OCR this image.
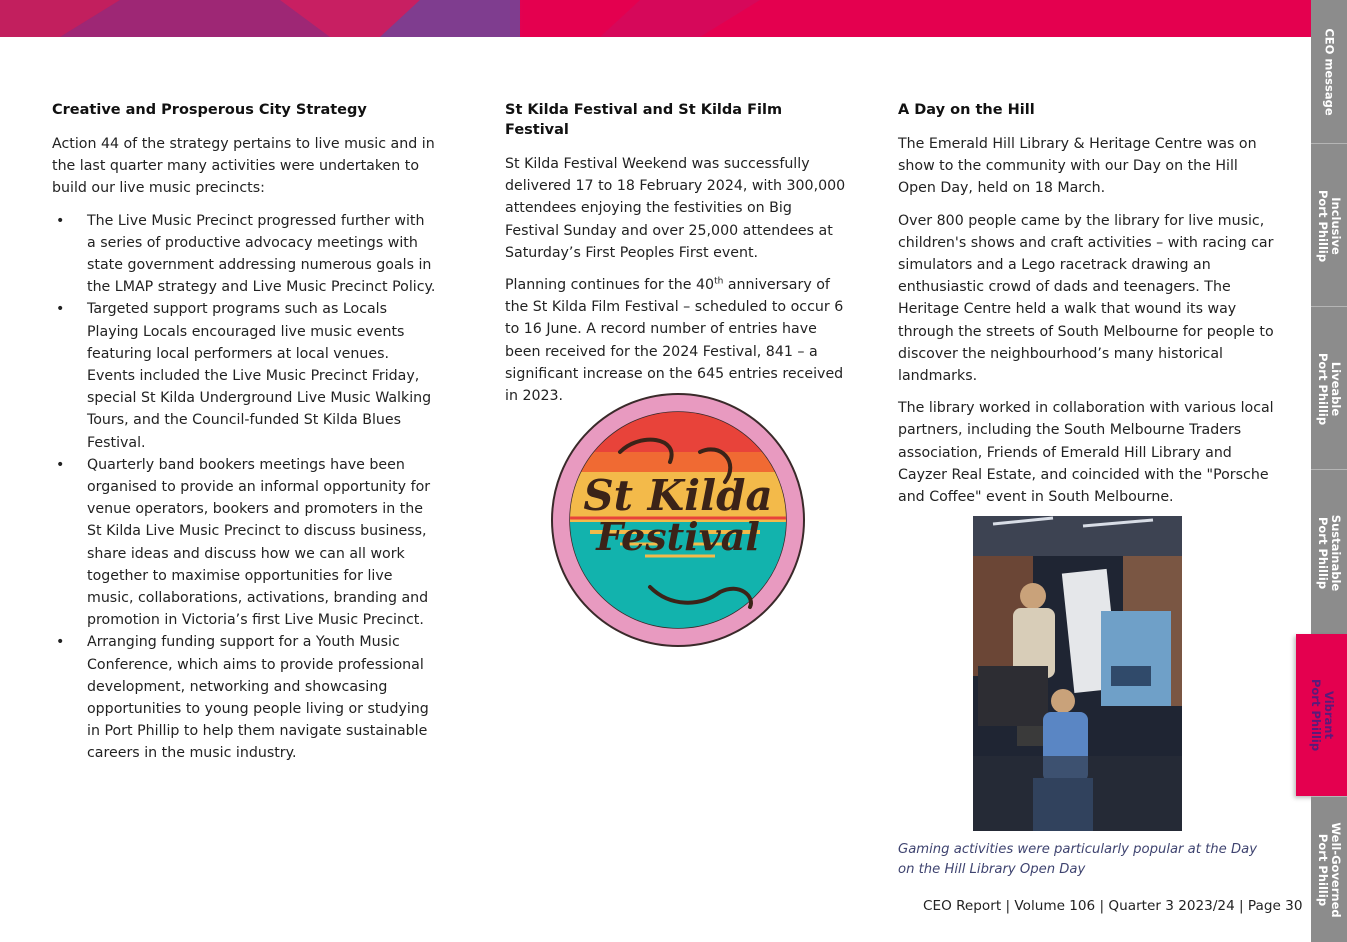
Creative and Prosperous City Strategy

Action 44 of the strategy pertains to live music and in the last quarter many activities were undertaken to build our live music precincts:

• The Live Music Precinct progressed further with a series of productive advocacy meetings with state government addressing numerous goals in the LMAP strategy and Live Music Precinct Policy.
• Targeted support programs such as Locals Playing Locals encouraged live music events featuring local performers at local venues. Events included the Live Music Precinct Friday, special St Kilda Underground Live Music Walking Tours, and the Council-funded St Kilda Blues Festival.
• Quarterly band bookers meetings have been organised to provide an informal opportunity for venue operators, bookers and promoters in the St Kilda Live Music Precinct to discuss business, share ideas and discuss how we can all work together to maximise opportunities for live music, collaborations, activations, branding and promotion in Victoria’s first Live Music Precinct.
• Arranging funding support for a Youth Music Conference, which aims to provide professional development, networking and showcasing opportunities to young people living or studying in Port Phillip to help them navigate sustainable careers in the music industry.
St Kilda Festival and St Kilda Film Festival

St Kilda Festival Weekend was successfully delivered 17 to 18 February 2024, with 300,000 attendees enjoying the festivities on Big Festival Sunday and over 25,000 attendees at Saturday’s First Peoples First event.

Planning continues for the 40th anniversary of the St Kilda Film Festival – scheduled to occur 6 to 16 June. A record number of entries have been received for the 2024 Festival, 841 – a significant increase on the 645 entries received in 2023.

St Kilda
Festival
A Day on the Hill

The Emerald Hill Library & Heritage Centre was on show to the community with our Day on the Hill Open Day, held on 18 March.

Over 800 people came by the library for live music, children's shows and craft activities – with racing car simulators and a Lego racetrack drawing an enthusiastic crowd of dads and teenagers. The Heritage Centre held a walk that wound its way through the streets of South Melbourne for people to discover the neighbourhood’s many historical landmarks.

The library worked in collaboration with various local partners, including the South Melbourne Traders association, Friends of Emerald Hill Library and Cayzer Real Estate, and coincided with the "Porsche and Coffee" event in South Melbourne.

Gaming activities were particularly popular at the Day on the Hill Library Open Day
CEO Report | Volume 106 | Quarter 3 2023/24 | Page 30
CEO message
Inclusive
Port Phillip
Liveable
Port Phillip
Sustainable
Port Phillip
Vibrant
Port Phillip
Well-Governed
Port Phillip
